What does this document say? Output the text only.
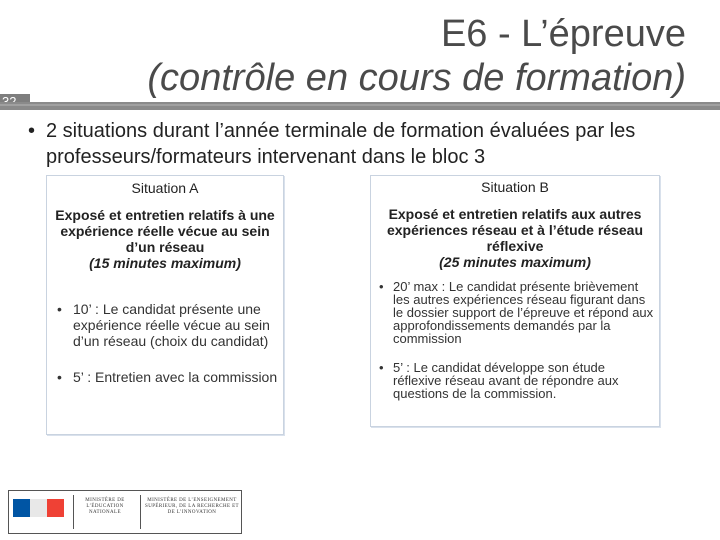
E6 - L’épreuve
(contrôle en cours de formation)
• 2 situations durant l’année terminale de formation évaluées par les professeurs/formateurs intervenant dans le bloc 3
Situation A
Exposé et entretien relatifs à une expérience réelle vécue au sein d’un réseau
(15 minutes maximum)
• 10’ : Le candidat présente une expérience réelle vécue au sein d’un réseau (choix du candidat)
• 5’ : Entretien avec la commission
Situation B
Exposé et entretien relatifs aux autres expériences réseau et à l’étude réseau réflexive
(25 minutes maximum)
• 20’ max : Le candidat présente brièvement les autres expériences réseau figurant dans le dossier support de l’épreuve et répond aux approfondissements demandés par la commission
• 5’ : Le candidat développe son étude réflexive réseau avant de répondre aux questions de la commission.
MINISTÈRE DE L’ÉDUCATION NATIONALE
MINISTÈRE DE L’ENSEIGNEMENT SUPÉRIEUR, DE LA RECHERCHE ET DE L’INNOVATION
